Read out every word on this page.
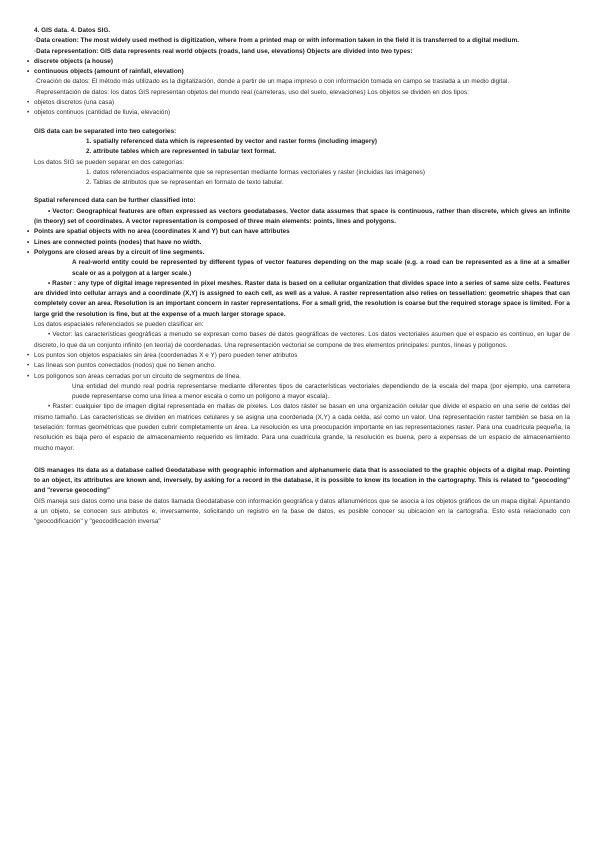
4. GIS data. 4. Datos SIG.

·Data creation: The most widely used method is digitization, where from a printed map or with information taken in the field it is transferred to a digital medium.

·Data representation: GIS data represents real world objects (roads, land use, elevations) Objects are divided into two types:

• discrete objects (a house)
• continuous objects (amount of rainfall, elevation)

·Creación de datos: El método más utilizado es la digitalización, donde a partir de un mapa impreso o con información tomada en campo se traslada a un medio digital.

·Representación de datos: los datos GIS representan objetos del mundo real (carreteras, uso del suelo, elevaciones) Los objetos se dividen en dos tipos:

• objetos discretos (una casa)
• objetos continuos (cantidad de lluvia, elevación)

GIS data can be separated into two categories:

1. spatially referenced data which is represented by vector and raster forms (including imagery)

2. attribute tables which are represented in tabular text format.

Los datos SIG se pueden separar en dos categorías:

1. datos referenciados espacialmente que se representan mediante formas vectoriales y raster (incluidas las imágenes)

2. Tablas de atributos que se representan en formato de texto tabular.

Spatial referenced data can be further classified into:

• Vector: Geographical features are often expressed as vectors geodatabases. Vector data assumes that space is continuous, rather than discrete, which gives an infinite (in theory) set of coordinates. A vector representation is composed of three main elements: points, lines and polygons.

• Points are spatial objects with no area (coordinates X and Y) but can have attributes
• Lines are connected points (nodes) that have no width.
• Polygons are closed areas by a circuit of line segments.

A real-world entity could be represented by different types of vector features depending on the map scale (e.g. a road can be represented as a line at a smaller scale or as a polygon at a larger scale.)

• Raster : any type of digital image represented in pixel meshes. Raster data is based on a cellular organization that divides space into a series of same size cells. Features are divided into cellular arrays and a coordinate (X,Y) is assigned to each cell, as well as a value. A raster representation also relies on tessellation: geometric shapes that can completely cover an area. Resolution is an important concern in raster representations. For a small grid, the resolution is coarse but the required storage space is limited. For a large grid the resolution is fine, but at the expense of a much larger storage space.

Los datos espaciales referenciados se pueden clasificar en:

• Vector: las características geográficas a menudo se expresan como bases de datos geográficas de vectores. Los datos vectoriales asumen que el espacio es continuo, en lugar de discreto, lo que da un conjunto infinito (en teoría) de coordenadas. Una representación vectorial se compone de tres elementos principales: puntos, líneas y polígonos.

• Los puntos son objetos espaciales sin área (coordenadas X e Y) pero pueden tener atributos
• Las líneas son puntos conectados (nodos) que no tienen ancho.
• Los polígonos son áreas cerradas por un circuito de segmentos de línea.

Una entidad del mundo real podría representarse mediante diferentes tipos de características vectoriales dependiendo de la escala del mapa (por ejemplo, una carretera puede representarse como una línea a menor escala o como un polígono a mayor escala).

• Raster: cualquier tipo de imagen digital representada en mallas de píxeles. Los datos ráster se basan en una organización celular que divide el espacio en una serie de celdas del mismo tamaño. Las características se dividen en matrices celulares y se asigna una coordenada (X,Y) a cada celda, así como un valor. Una representación raster también se basa en la teselación: formas geométricas que pueden cubrir completamente un área. La resolución es una preocupación importante en las representaciones raster. Para una cuadrícula pequeña, la resolución es baja pero el espacio de almacenamiento requerido es limitado. Para una cuadrícula grande, la resolución es buena, pero a expensas de un espacio de almacenamiento mucho mayor.

GIS manages its data as a database called Geodatabase with geographic information and alphanumeric data that is associated to the graphic objects of a digital map. Pointing to an object, its attributes are known and, inversely, by asking for a record in the database, it is possible to know its location in the cartography. This is related to "geocoding" and "reverse geocoding"

GIS maneja sus datos como una base de datos llamada Geodatabase con información geográfica y datos alfanuméricos que se asocia a los objetos gráficos de un mapa digital. Apuntando a un objeto, se conocen sus atributos e, inversamente, solicitando un registro en la base de datos, es posible conocer su ubicación en la cartografía. Esto está relacionado con "geocodificación" y "geocodificación inversa"
